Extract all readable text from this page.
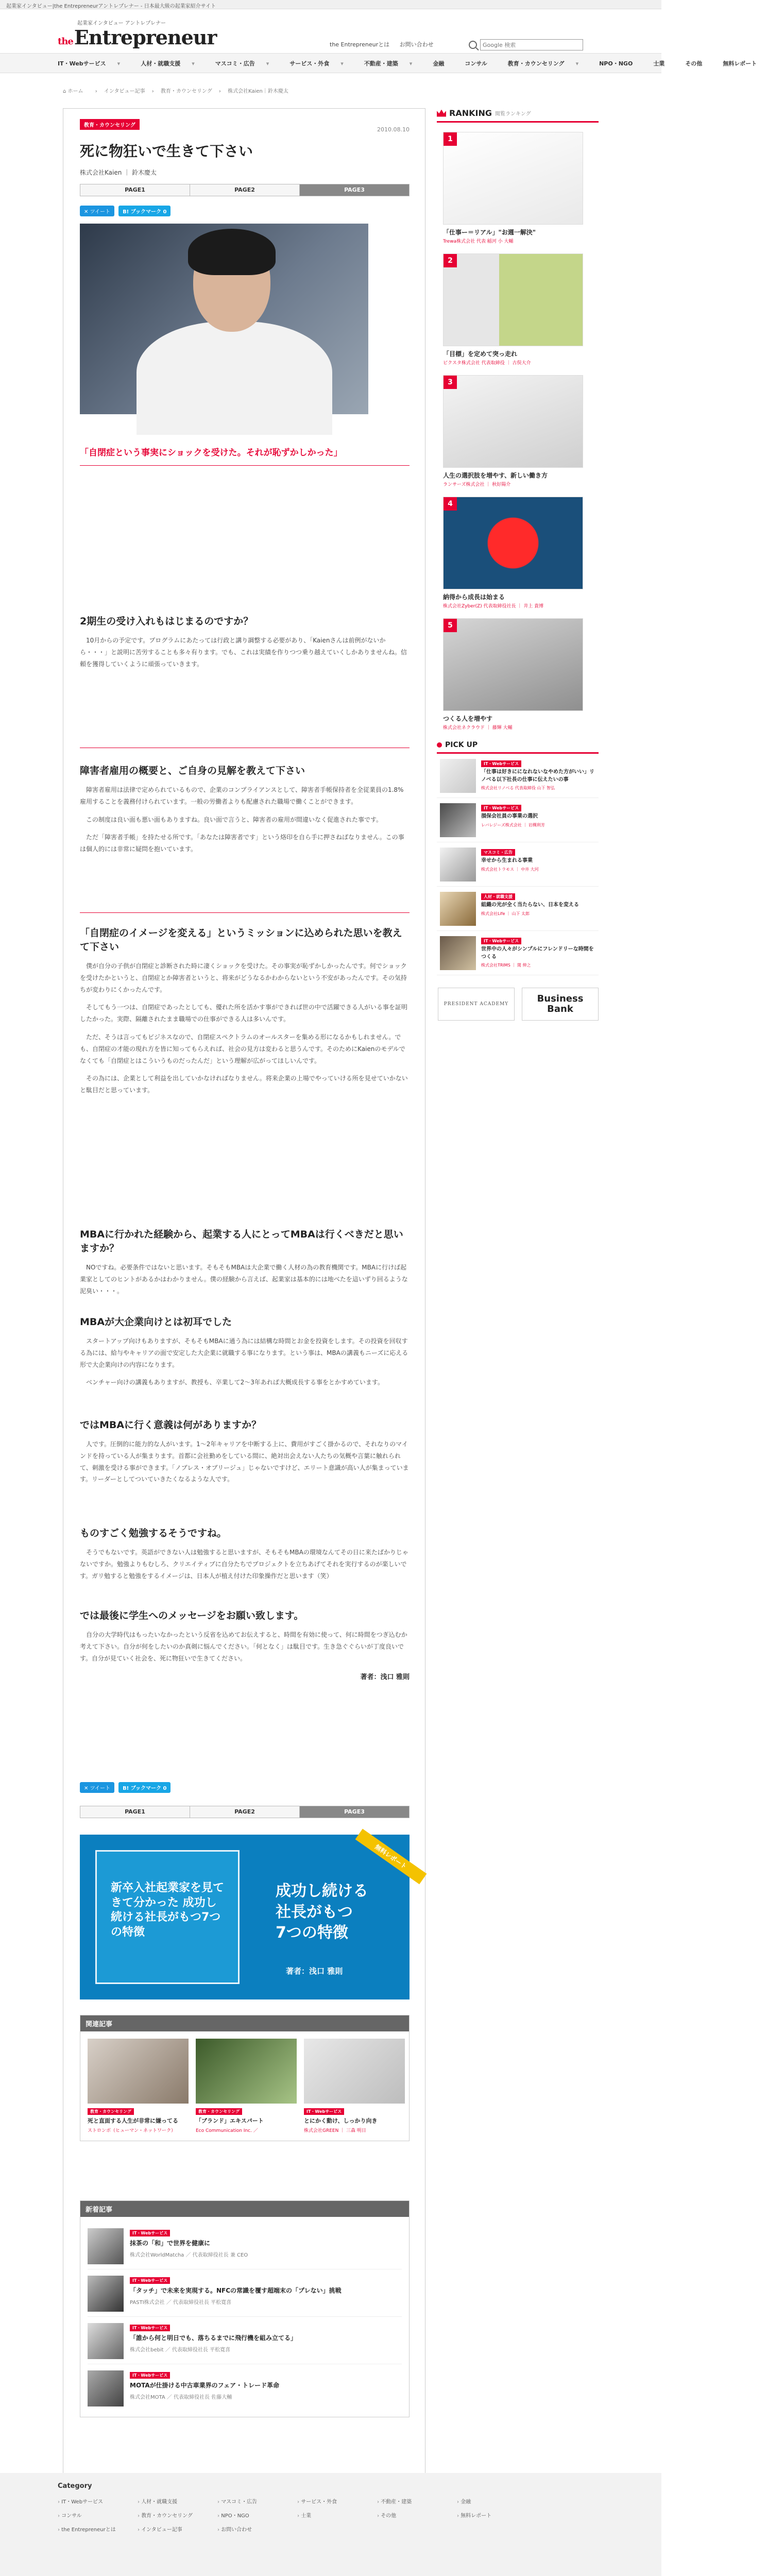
起業家インタビュー|the Entrepreneurアントレプレナー - 日本最大級の起業家紹介サイト
起業家インタビュー アントレプレナー
theEntrepreneur	the Entrepreneurとは お問い合わせ
Google 検索
IT・Webサービス ▾	人材・就職支援 ▾	マスコミ・広告 ▾	サービス・外食 ▾	不動産・建築 ▾	金融	コンサル	教育・カウンセリング ▾	NPO・NGO	士業	その他	無料レポート
⌂ ホーム › インタビュー記事 › 教育・カウンセリング › 株式会社Kaien｜鈴木慶太
教育・カウンセリング
2010.08.10
死に物狂いで生きて下さい
株式会社Kaien ｜ 鈴木慶太
PAGE1	PAGE2	PAGE3
✕ ツイート	B! ブックマーク 0
「自閉症という事実にショックを受けた。それが恥ずかしかった」
2期生の受け入れもはじまるのですか？
　10月からの予定です。プログラムにあたっては行政と講り調整する必要があり、「Kaienさんは前例がないから・・・」と説明に苦労することも多々有ります。でも、これは実績を作りつつ乗り越えていくしかありませんね。信頼を獲得していくように頑張っていきます。
障害者雇用の概要と、ご自身の見解を教えて下さい
　障害者雇用は法律で定められているもので、企業のコンプライアンスとして、障害者手帳保持者を全従業員の1.8%雇用することを義務付けられています。一般の労働者よりも配慮された職場で働くことができます。
　この制度は良い面も悪い面もありますね。良い面で言うと、障害者の雇用が間違いなく促進された事です。
　ただ「障害者手帳」を持たせる所です。「あなたは障害者です」という烙印を自ら手に押さねばなりません。この事は個人的には非常に疑問を抱いています。
「自閉症のイメージを変える」というミッションに込められた思いを教えて下さい
　僕が自分の子供が自閉症と診断された時に凄くショックを受けた。その事実が恥ずかしかったんです。何でショックを受けたかというと、自閉症とか障害者というと、将来がどうなるかわからないという不安があったんです。その気持ちが変わりにくかったんです。
　そしてもう一つは、自閉症であったとしても、優れた所を活かす事ができれば世の中で活躍できる人がいる事を証明したかった。実際、隔離されたまま職場での仕事ができる人は多いんです。
　ただ、そうは言ってもビジネスなので、自閉症スペクトラムのオールスターを集める形になるかもしれません。でも、自閉症の才能の現れ方を皆に知ってもらえれば、社会の見方は変わると思うんです。そのためにKaienのモデルでなくても「自閉症とはこういうものだったんだ」という理解が広がってほしいんです。
　その為には、企業として利益を出していかなければなりません。将来企業の上場でやっていける所を見せていかないと駄目だと思っています。
MBAに行かれた経験から、起業する人にとってMBAは行くべきだと思いますか？
　NOですね。必要条件ではないと思います。そもそもMBAは大企業で働く人材の為の教育機関です。MBAに行けば起業家としてのヒントがあるかはわかりません。僕の経験から言えば、起業家は基本的には地べたを這いずり回るような泥臭い・・・。
MBAが大企業向けとは初耳でした
　スタートアップ向けもありますが、そもそもMBAに通う為には結構な時間とお金を投資をします。その投資を回収する為には、給与やキャリアの面で安定した大企業に就職する事になります。という事は、MBAの講義もニーズに応える形で大企業向けの内容になります。
　ベンチャー向けの講義もありますが、教授も、卒業して2～3年あれば大概成長する事をとかすめています。
ではMBAに行く意義は何がありますか？
　人です。圧倒的に能力的な人がいます。1～2年キャリアを中断する上に、費用がすごく掛かるので、それなりのマインドを持っている人が集まります。首都に会社勤めをしている間に、絶対出会えない人たちの気概や言葉に触れられて、刺激を受ける事ができます。「ノブレス・オブリージュ」じゃないですけど、エリート意識が高い人が集まっています。リーダーとしてついていきたくなるような人です。
ものすごく勉強するそうですね。
　そうでもないです。英語ができない人は勉強すると思いますが、そもそもMBAの環境なんてその日に来たばかりじゃないですか。勉強よりもむしろ、クリエイティブに自分たちでプロジェクトを立ちあげてそれを実行するのが楽しいです。ガリ勉すると勉強をするイメージは、日本人が植え付けた印象操作だと思います（笑）
では最後に学生へのメッセージをお願い致します。
　自分の大学時代はもったいなかったという反省を込めてお伝えすると、時間を有効に使って、何に時間をつぎ込むか考えて下さい。自分が何をしたいのか真剣に悩んでください。「何となく」は駄目です。生き急ぐぐらいが丁度良いです。自分が見ていく社会を、死に物狂いで生きてください。
著者：浅口 雅則
✕ ツイート	B! ブックマーク 0
PAGE1	PAGE2	PAGE3
新卒入社起業家を見てきて分かった 成功し続ける社長がもつ7つの特徴
成功し続ける
社長がもつ
7つの特徴
著者：浅口 雅則
無料レポート
関連記事
教育・カウンセリング
死と直面する人生が非常に嫌ってる
ストロンボ（ヒューマン・ネットワーク）
教育・カウンセリング
「ブランド」エキスパート
Eco Communication Inc. ／
IT・Webサービス
とにかく動け、しっかり向き
株式会社GREEN ｜ 三森 明日
新着記事
IT・Webサービス
抹茶の「和」で世界を健康に
株式会社WorldMatcha ／ 代表取締役社長 兼 CEO
IT・Webサービス
「タッチ」で未来を実現する。NFCの常識を覆す超端末の「プレない」挑戦
PASTI株式会社 ／ 代表取締役社長 平松寛喜
IT・Webサービス
「誰から何と明日でも、落ちるまでに飛行機を組み立てる」
株式会社bebit ／ 代表取締役社長 平松寛喜
IT・Webサービス
MOTAが仕掛ける中古車業界のフェア・トレード革命
株式会社MOTA ／ 代表取締役社長 佐藤大輔
RANKING 閲覧ランキング
1
「仕事ー＝リアル」"お週一解決"
Trewa株式会社 代表 稲河 小 大輔
2
「目標」を定めて突っ走れ
ピクスタ株式会社 代表取締役 ｜ 古俣大介
3
人生の選択肢を増やす、新しい働き方
ランサーズ株式会社 ｜ 秋好陽介
4
納得から成長は始まる
株式会社Zyber(Z) 代表取締役社長 ｜ 井上 貴博
5
つくる人を増やす
株式会社ネクラウド ｜ 藤輝 大輔
PICK UP
IT・Webサービス
「仕事は好きにになれないなやめた方がいい」リノベる以下社長の仕事に伝えたいの事
株式会社リノベる 代表取締役 山下 智弘
IT・Webサービス
損保会社員の事業の選択
レバレジーズ株式会社 ｜ 岩槻利芳
マスコミ・広告
幸せから生まれる事業
株式会社トラモス ｜ 中井 大河
人材・就職支援
組織の光が全く当たらない、日本を変える
株式会社Life ｜ 山下 太郎
IT・Webサービス
世界中の人々がシンプルにフレンドリーな時間をつくる
株式会社TRIMS ｜ 関 伸之
PRESIDENT ACADEMY	Business
Bank
Category
› IT・Webサービス	› 人材・就職支援	› マスコミ・広告	› サービス・外食	› 不動産・建築	› 金融
› コンサル	› 教育・カウンセリング	› NPO・NGO	› 士業	› その他	› 無料レポート
› the Entrepreneurとは	› インタビュー記事	› お問い合わせ
